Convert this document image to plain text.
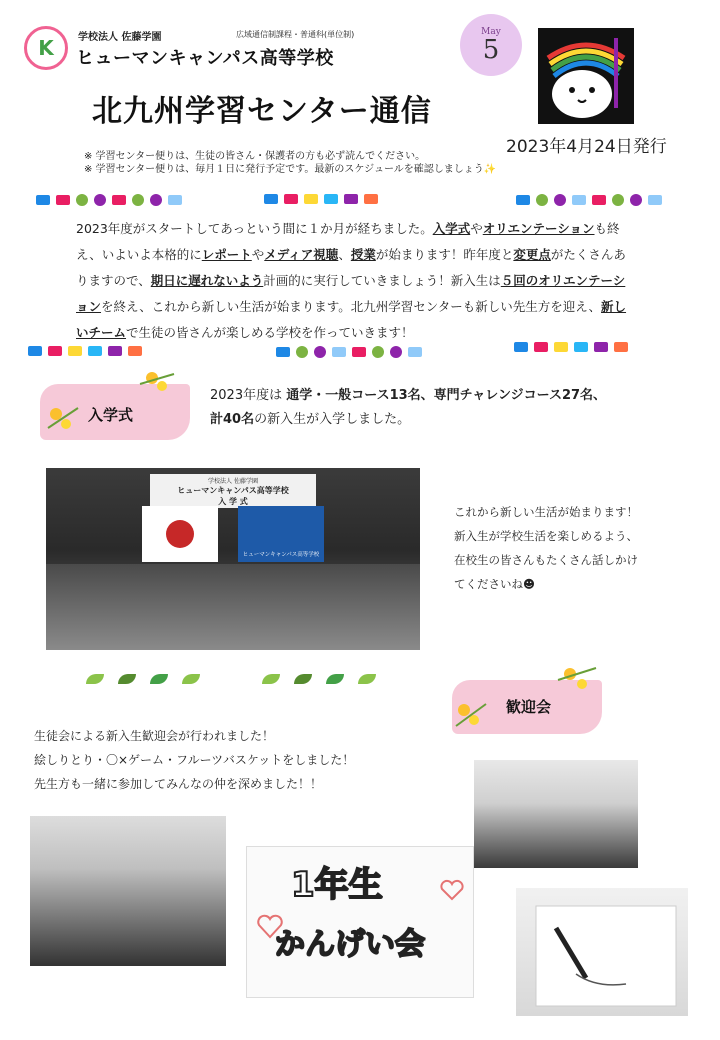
K	学校法人 佐藤学園
ヒューマンキャンパス高等学校
広域通信制課程・普通科(単位制)
北九州学習センター通信
May
5
2023年4月24日発行
※ 学習センター便りは、生徒の皆さん・保護者の方も必ず読んでください。
※ 学習センター便りは、毎月１日に発行予定です。最新のスケジュールを確認しましょう✨
2023年度がスタートしてあっという間に１か月が経ちました。入学式やオリエンテーションも終え、いよいよ本格的にレポートやメディア視聴、授業が始まります！昨年度と変更点がたくさんありますので、期日に遅れないよう計画的に実行していきましょう！新入生は５回のオリエンテーションを終え、これから新しい生活が始まります。北九州学習センターも新しい先生方を迎え、新しいチームで生徒の皆さんが楽しめる学校を作っていきます！
入学式
2023年度は 通学・一般コース13名、専門チャレンジコース27名、
計40名の新入生が入学しました。
学校法人 佐藤学園
ヒューマンキャンパス高等学校
入 学 式
ヒューマンキャンパス高等学校
これから新しい生活が始まります！
新入生が学校生活を楽しめるよう、
在校生の皆さんもたくさん話しかけ
てくださいね☻
歓迎会
生徒会による新入生歓迎会が行われました！
絵しりとり・〇×ゲーム・フルーツバスケットをしました！
先生方も一緒に参加してみんなの仲を深めました！！
1年生
かんげい会
